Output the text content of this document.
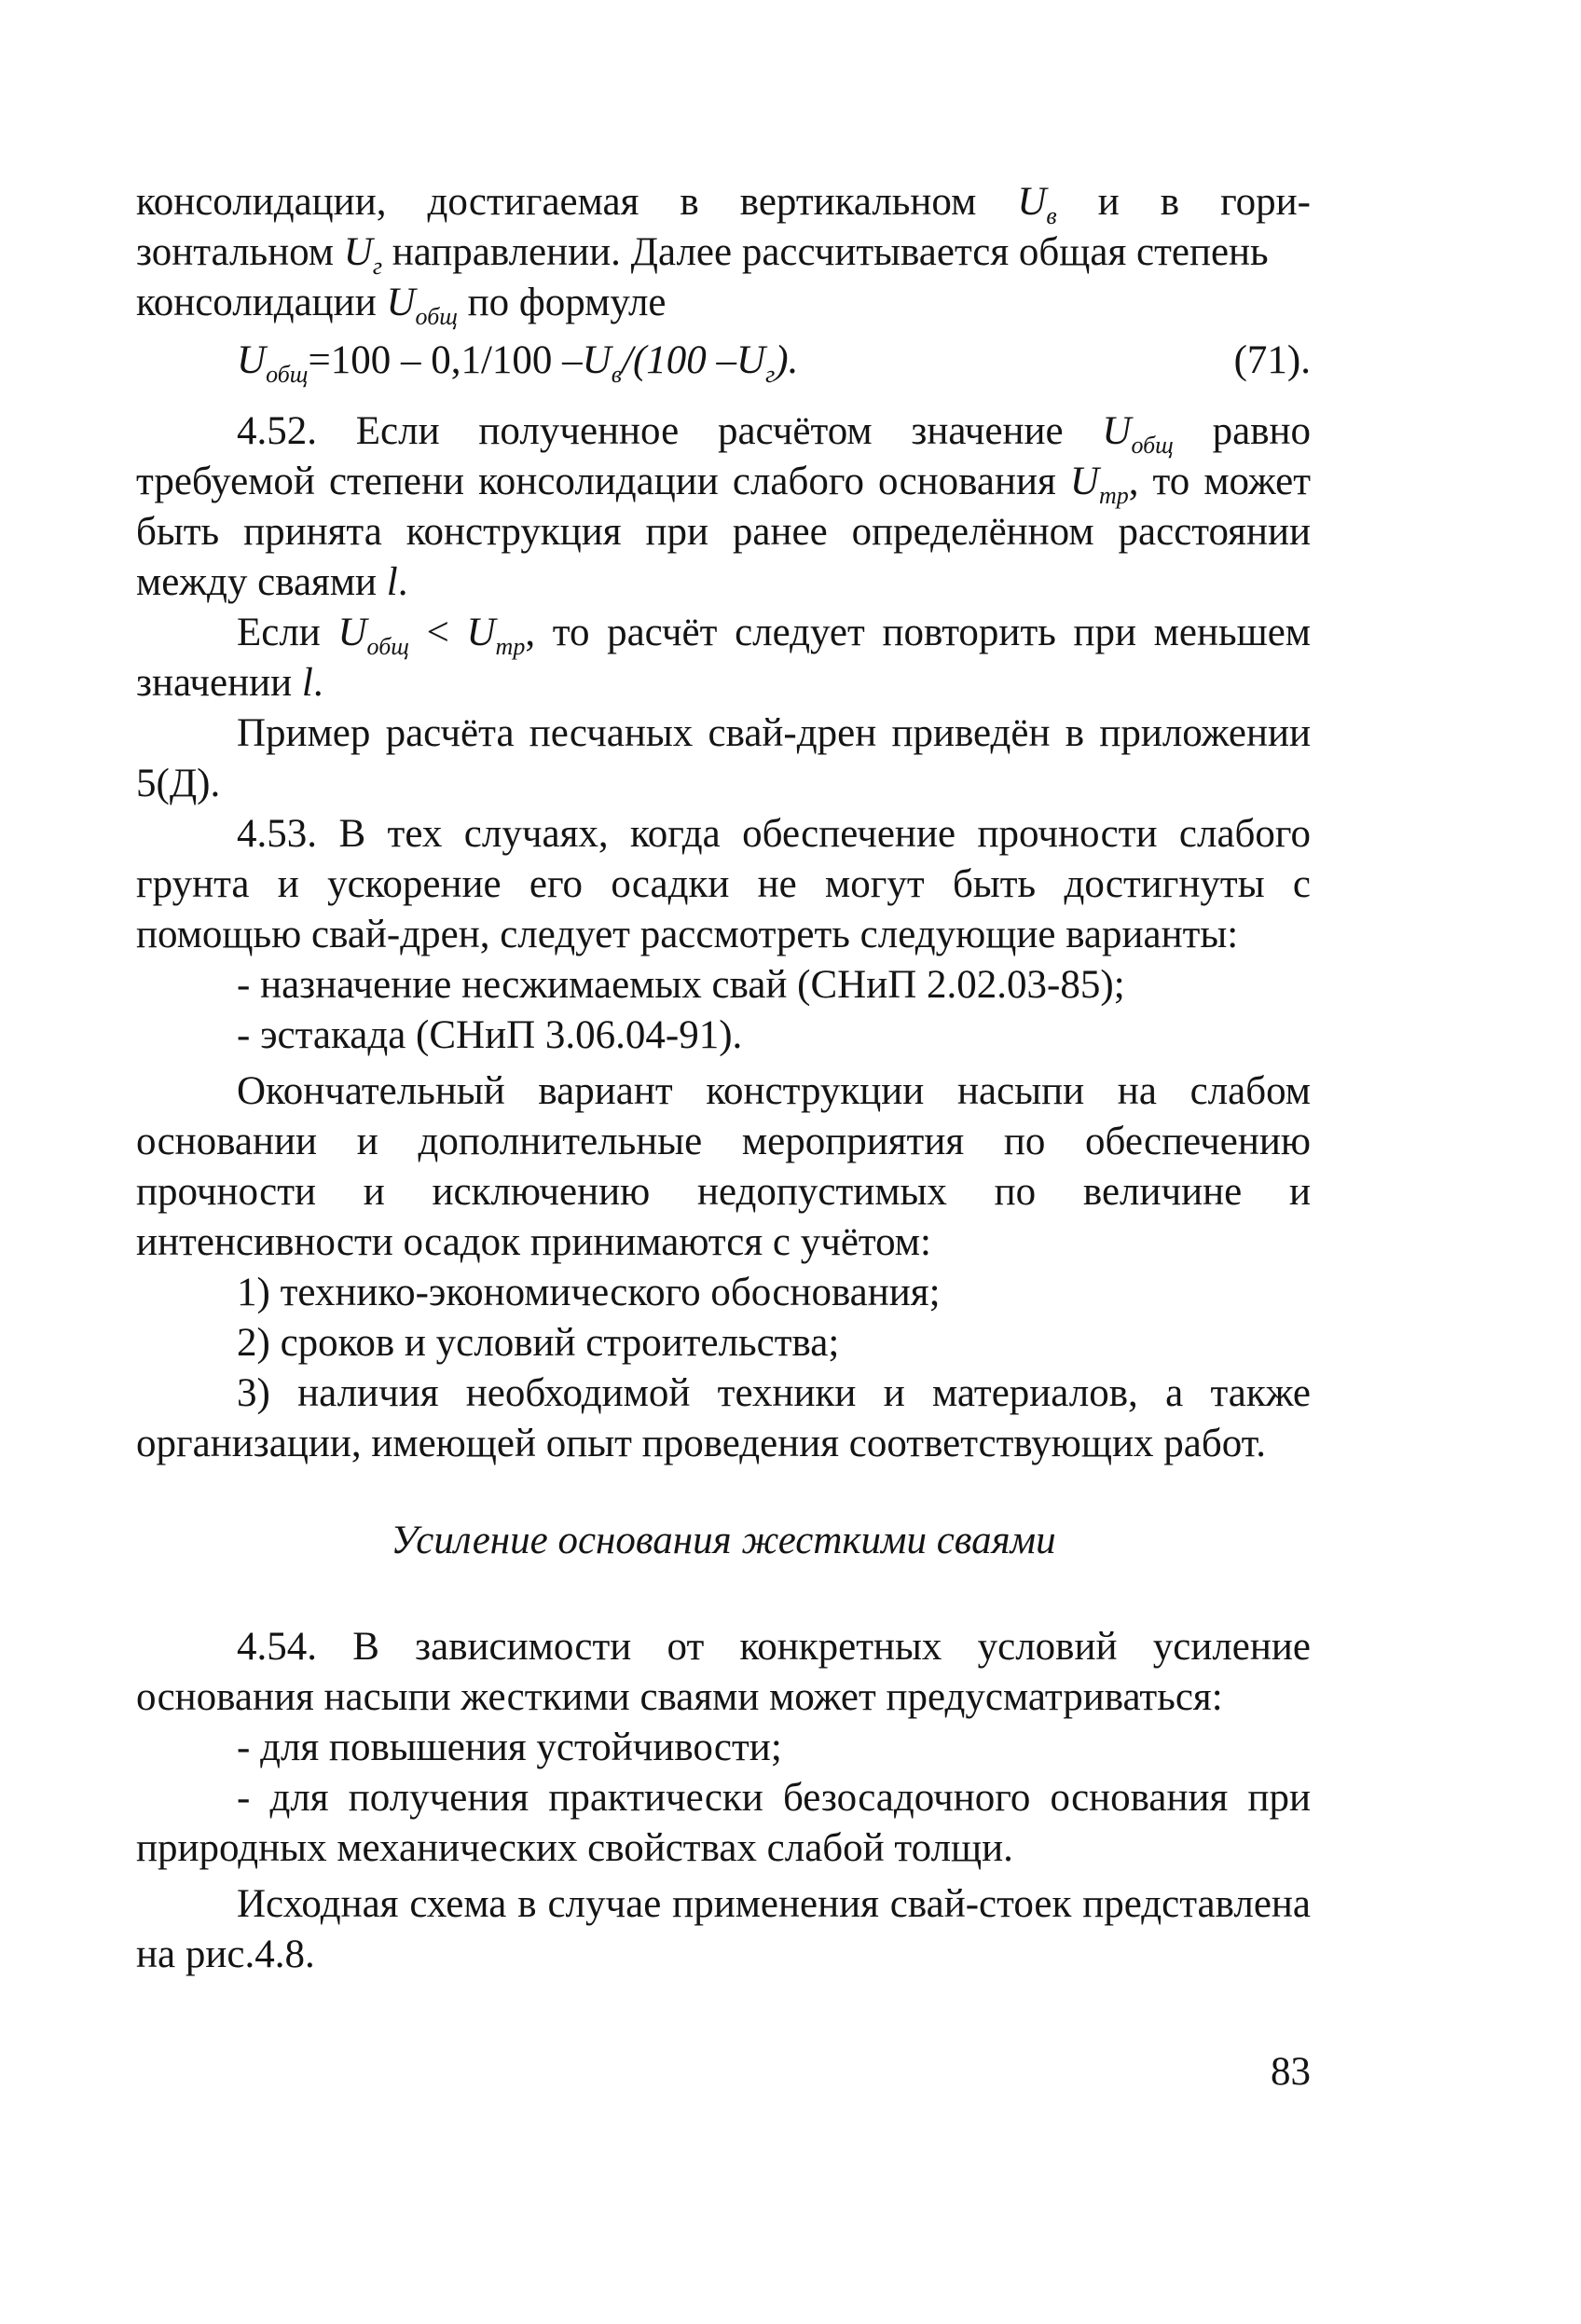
консолидации, достигаемая в вертикальном $U_в$ и в гори-
зонтальном $U_г$ направлении. Далее рассчитывается общая степень
консолидации $U_{общ}$ по формуле

$U_{общ}=100 - 0,1/100$ $-U_в/(100$ $-U_г$).	(71).

4.52. Если полученное расчётом значение $U_{общ}$ равно требуемой степени консолидации слабого основания $U_{тр}$, то может быть принята конструкция при ранее определённом расстоянии между сваями l.

Если $U_{общ} < U_{тр}$, то расчёт следует повторить при меньшем значении l.

Пример расчёта песчаных свай-дрен приведён в приложении 5(Д).

4.53. В тех случаях, когда обеспечение прочности слабого грунта и ускорение его осадки не могут быть достигнуты с помощью свай-дрен, следует рассмотреть следующие варианты:

- назначение несжимаемых свай (СНиП 2.02.03-85);

- эстакада (СНиП 3.06.04-91).

Окончательный вариант конструкции насыпи на слабом основании и дополнительные мероприятия по обеспечению прочности и исключению недопустимых по величине и интенсивности осадок принимаются с учётом:

1) технико-экономического обоснования;

2) сроков и условий строительства;

3) наличия необходимой техники и материалов, а также организации, имеющей опыт проведения соответствующих работ.

Усиление основания жесткими сваями

4.54. В зависимости от конкретных условий усиление основания насыпи жесткими сваями может предусматриваться:

- для повышения устойчивости;

- для получения практически безосадочного основания при природных механических свойствах слабой толщи.

Исходная схема в случае применения свай-стоек представлена на рис.4.8.

83
